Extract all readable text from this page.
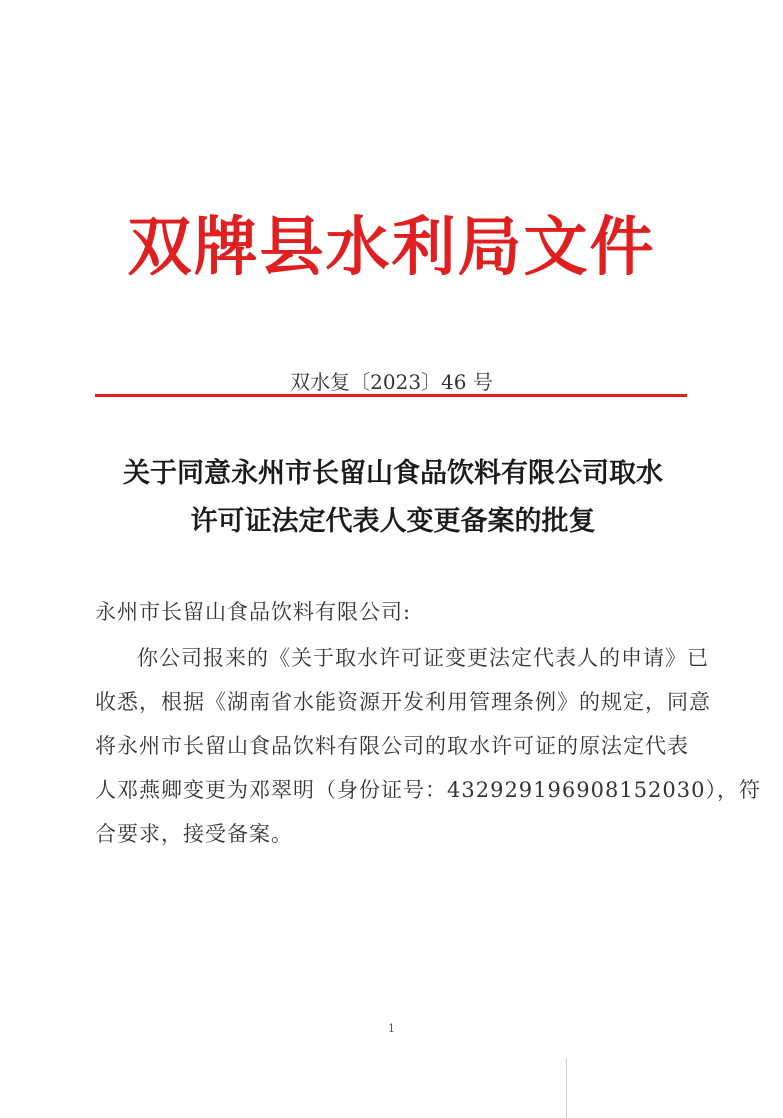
双牌县水利局文件
双水复〔2023〕46 号
关于同意永州市长留山食品饮料有限公司取水
许可证法定代表人变更备案的批复
永州市长留山食品饮料有限公司:
你公司报来的《关于取水许可证变更法定代表人的申请》已
收悉，根据《湖南省水能资源开发利用管理条例》的规定，同意
将永州市长留山食品饮料有限公司的取水许可证的原法定代表
人邓燕卿变更为邓翠明（身份证号：432929196908152030），符
合要求，接受备案。
1
